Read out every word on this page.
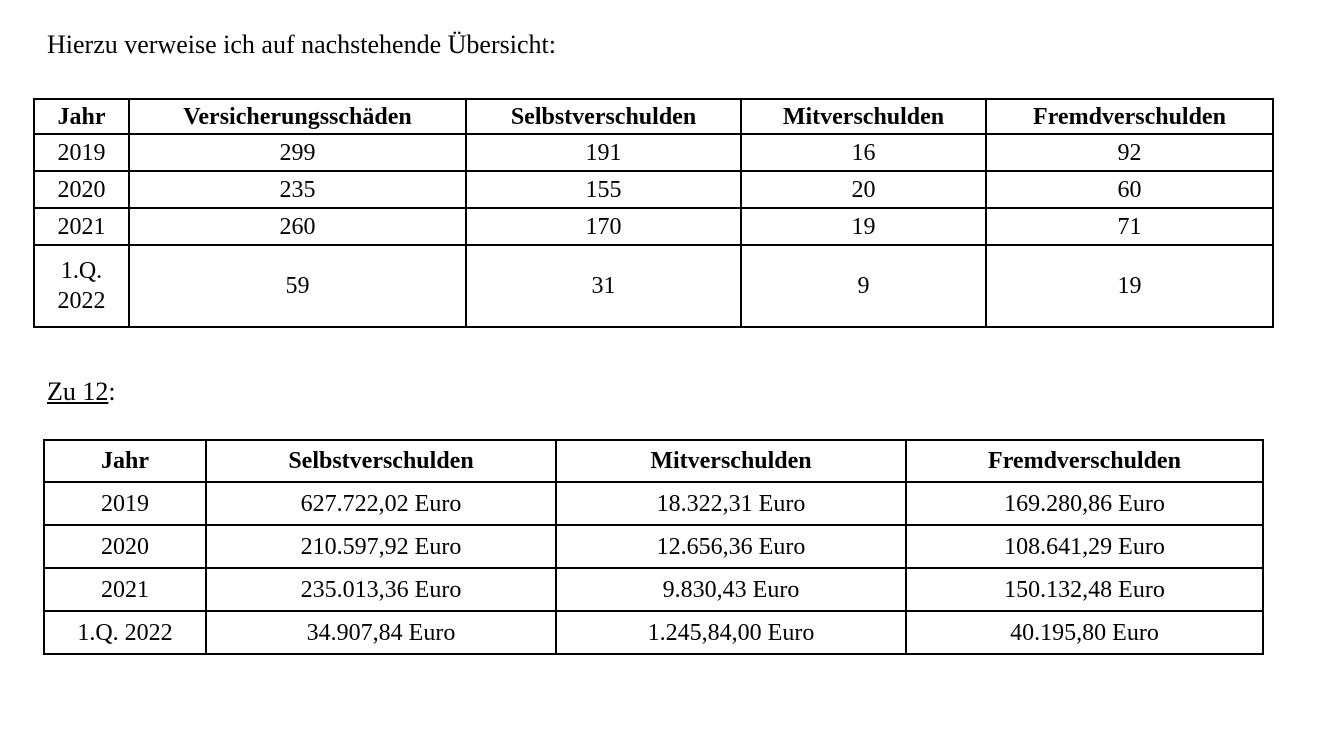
Hierzu verweise ich auf nachstehende Übersicht:

Jahr	Versicherungsschäden	Selbstverschulden	Mitverschulden	Fremdverschulden
2019	299	191	16	92
2020	235	155	20	60
2021	260	170	19	71
1.Q. 2022	59	31	9	19

Zu 12:

Jahr	Selbstverschulden	Mitverschulden	Fremdverschulden
2019	627.722,02 Euro	18.322,31 Euro	169.280,86 Euro
2020	210.597,92 Euro	12.656,36 Euro	108.641,29 Euro
2021	235.013,36 Euro	9.830,43 Euro	150.132,48 Euro
1.Q. 2022	34.907,84 Euro	1.245,84,00 Euro	40.195,80 Euro
